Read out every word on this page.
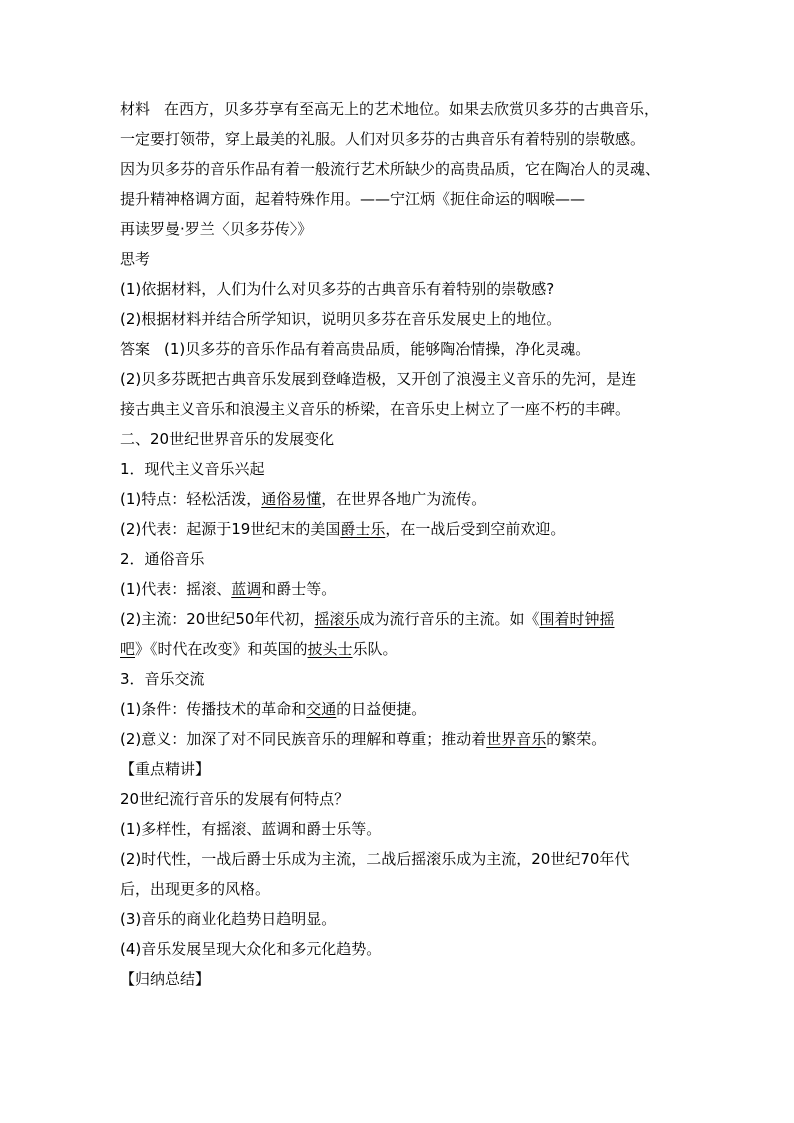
材料 在西方，贝多芬享有至高无上的艺术地位。如果去欣赏贝多芬的古典音乐，
一定要打领带，穿上最美的礼服。人们对贝多芬的古典音乐有着特别的崇敬感。
因为贝多芬的音乐作品有着一般流行艺术所缺少的高贵品质，它在陶冶人的灵魂、
提升精神格调方面，起着特殊作用。——宁江炳《扼住命运的咽喉——
再读罗曼·罗兰〈贝多芬传〉》
思考
(1)依据材料，人们为什么对贝多芬的古典音乐有着特别的崇敬感?
(2)根据材料并结合所学知识，说明贝多芬在音乐发展史上的地位。
答案 (1)贝多芬的音乐作品有着高贵品质，能够陶冶情操，净化灵魂。
(2)贝多芬既把古典音乐发展到登峰造极，又开创了浪漫主义音乐的先河，是连
接古典主义音乐和浪漫主义音乐的桥梁，在音乐史上树立了一座不朽的丰碑。
二、20世纪世界音乐的发展变化
1．现代主义音乐兴起
(1)特点：轻松活泼，通俗易懂，在世界各地广为流传。
(2)代表：起源于19世纪末的美国爵士乐，在一战后受到空前欢迎。
2．通俗音乐
(1)代表：摇滚、蓝调和爵士等。
(2)主流：20世纪50年代初，摇滚乐成为流行音乐的主流。如《围着时钟摇
吧》《时代在改变》和英国的披头士乐队。
3．音乐交流
(1)条件：传播技术的革命和交通的日益便捷。
(2)意义：加深了对不同民族音乐的理解和尊重；推动着世界音乐的繁荣。
【重点精讲】
20世纪流行音乐的发展有何特点？
(1)多样性，有摇滚、蓝调和爵士乐等。
(2)时代性，一战后爵士乐成为主流，二战后摇滚乐成为主流，20世纪70年代
后，出现更多的风格。
(3)音乐的商业化趋势日趋明显。
(4)音乐发展呈现大众化和多元化趋势。
【归纳总结】
